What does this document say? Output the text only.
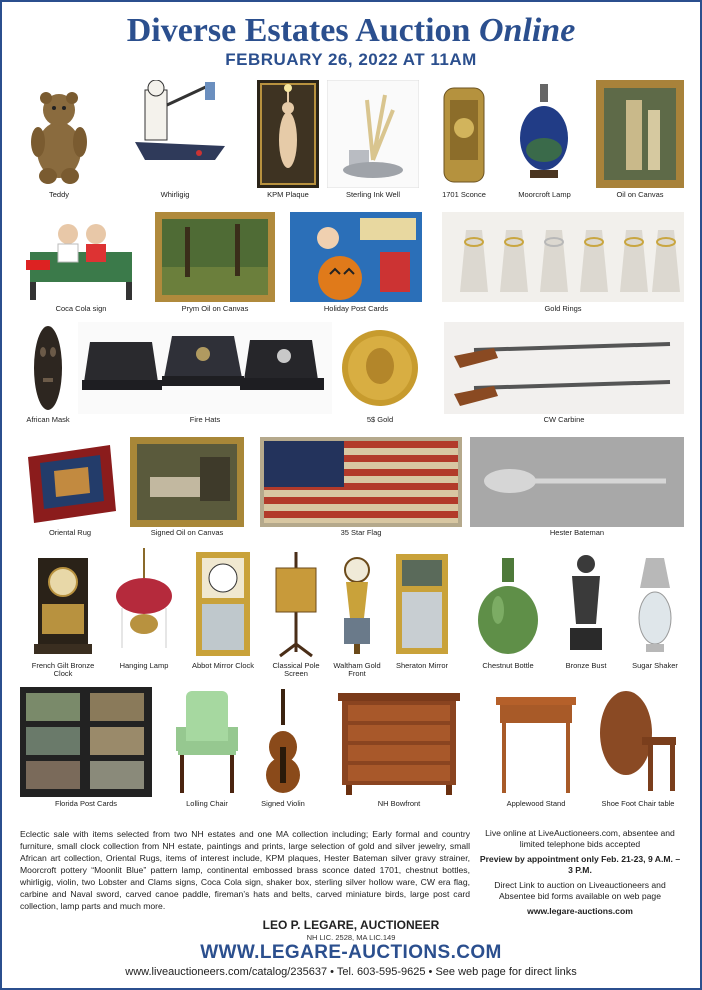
Diverse Estates Auction Online
FEBRUARY 26, 2022 AT 11AM
Teddy	Whirligig	KPM Plaque	Sterling Ink Well	1701 Sconce	Moorcroft Lamp	Oil on Canvas
Coca Cola sign	Prym Oil on Canvas	Holiday Post Cards	Gold Rings
African Mask	Fire Hats	5$ Gold	CW Carbine
Oriental Rug	Signed Oil on Canvas	35 Star Flag	Hester Bateman
French Gilt Bronze Clock
Hanging Lamp	Abbot Mirror Clock	Classical Pole Screen
Waltham Gold Front
Sheraton Mirror	Chestnut Bottle	Bronze Bust	Sugar Shaker
Florida Post Cards	Lolling Chair	Signed Violin	NH Bowfront	Applewood Stand	Shoe Foot Chair table
Eclectic sale with items selected from two NH estates and one MA collection including; Early formal and country furniture, small clock collection from NH estate, paintings and prints, large selection of gold and silver jewelry, small African art collection, Oriental Rugs, items of interest include, KPM plaques, Hester Bateman silver gravy strainer, Moorcroft pottery “Moonlit Blue” pattern lamp, continental embossed brass sconce dated 1701, chestnut bottles, whirligig, violin, two Lobster and Clams signs, Coca Cola sign, shaker box, sterling silver hollow ware, CW era flag, carbine and Naval sword, carved canoe paddle, fireman’s hats and belts, carved miniature birds, large post card collection, lamp parts and much more.

Live online at LiveAuctioneers.com, absentee and limited telephone bids accepted

Preview by appointment only Feb. 21-23, 9 A.M. – 3 P.M.

Direct Link to auction on Liveauctioneers and Absentee bid forms available on web page

www.legare-auctions.com

LEO P. LEGARE, AUCTIONEER
NH LIC. 2528, MA LIC.149
WWW.LEGARE-AUCTIONS.COM
www.liveauctioneers.com/catalog/235637 • Tel. 603-595-9625 • See web page for direct links
